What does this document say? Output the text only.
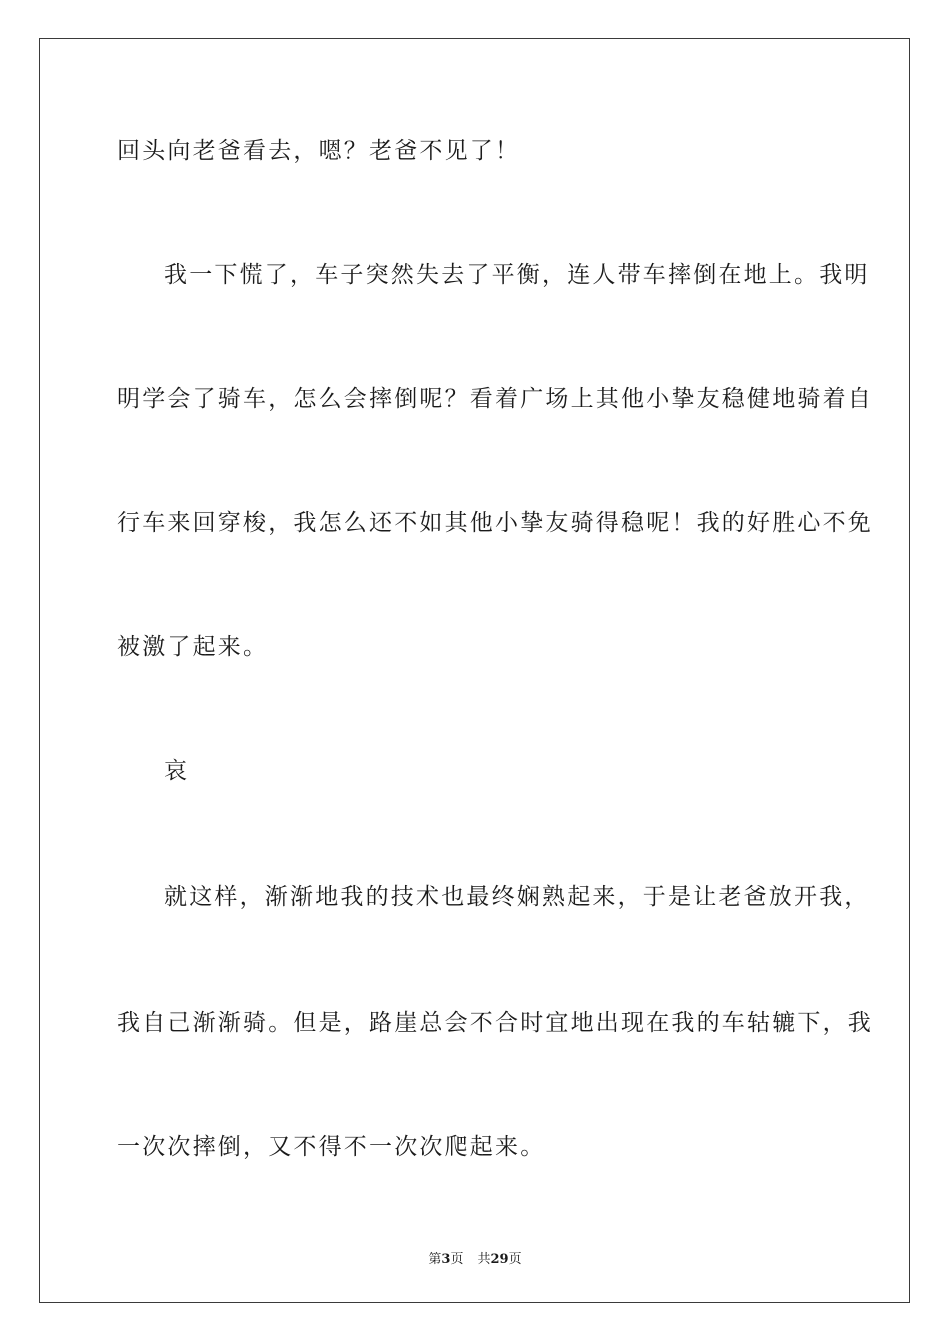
回头向老爸看去，嗯？老爸不见了！
我一下慌了，车子突然失去了平衡，连人带车摔倒在地上。我明
明学会了骑车，怎么会摔倒呢？看着广场上其他小挚友稳健地骑着自
行车来回穿梭，我怎么还不如其他小挚友骑得稳呢！我的好胜心不免
被激了起来。
哀
就这样，渐渐地我的技术也最终娴熟起来，于是让老爸放开我，
我自己渐渐骑。但是，路崖总会不合时宜地出现在我的车轱辘下，我
一次次摔倒，又不得不一次次爬起来。
第3页 共29页
